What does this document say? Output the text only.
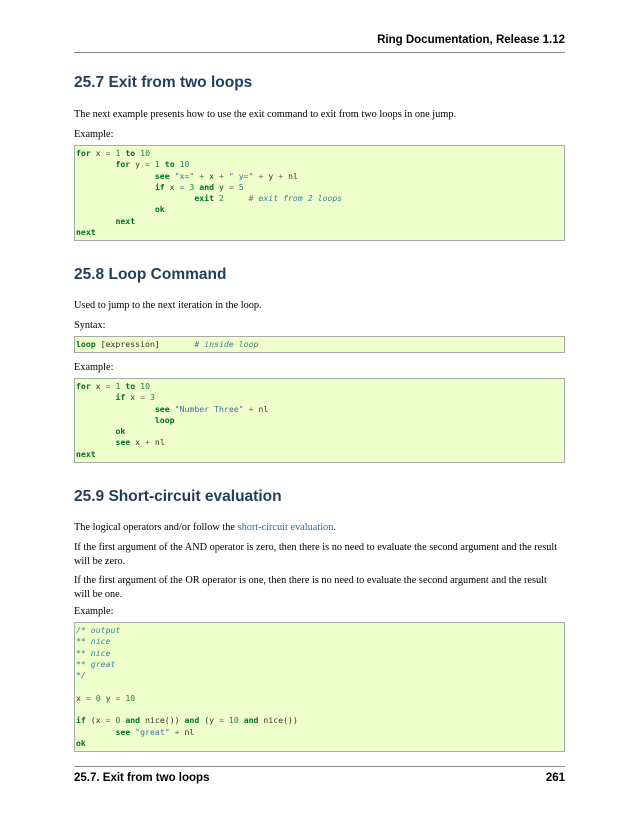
Ring Documentation, Release 1.12
25.7 Exit from two loops

The next example presents how to use the exit command to exit from two loops in one jump.

Example:

for x = 1 to 10
for y = 1 to 10
see "x=" + x + " y=" + y + nl
if x = 3 and y = 5
exit 2	# exit from 2 loops
ok
next
next
25.8 Loop Command

Used to jump to the next iteration in the loop.

Syntax:

loop [expression]       # inside loop

Example:

for x = 1 to 10
if x = 3
see "Number Three" + nl
loop
ok
see x + nl
next
25.9 Short-circuit evaluation

The logical operators and/or follow the short-circuit evaluation.

If the first argument of the AND operator is zero, then there is no need to evaluate the second argument and the result will be zero.

If the first argument of the OR operator is one, then there is no need to evaluate the second argument and the result will be one.

Example:

/* output
** nice
** nice
** great
*/
x = 0 y = 10
if (x = 0 and nice()) and (y = 10 and nice())
see "great" + nl
ok
25.7. Exit from two loops	261
